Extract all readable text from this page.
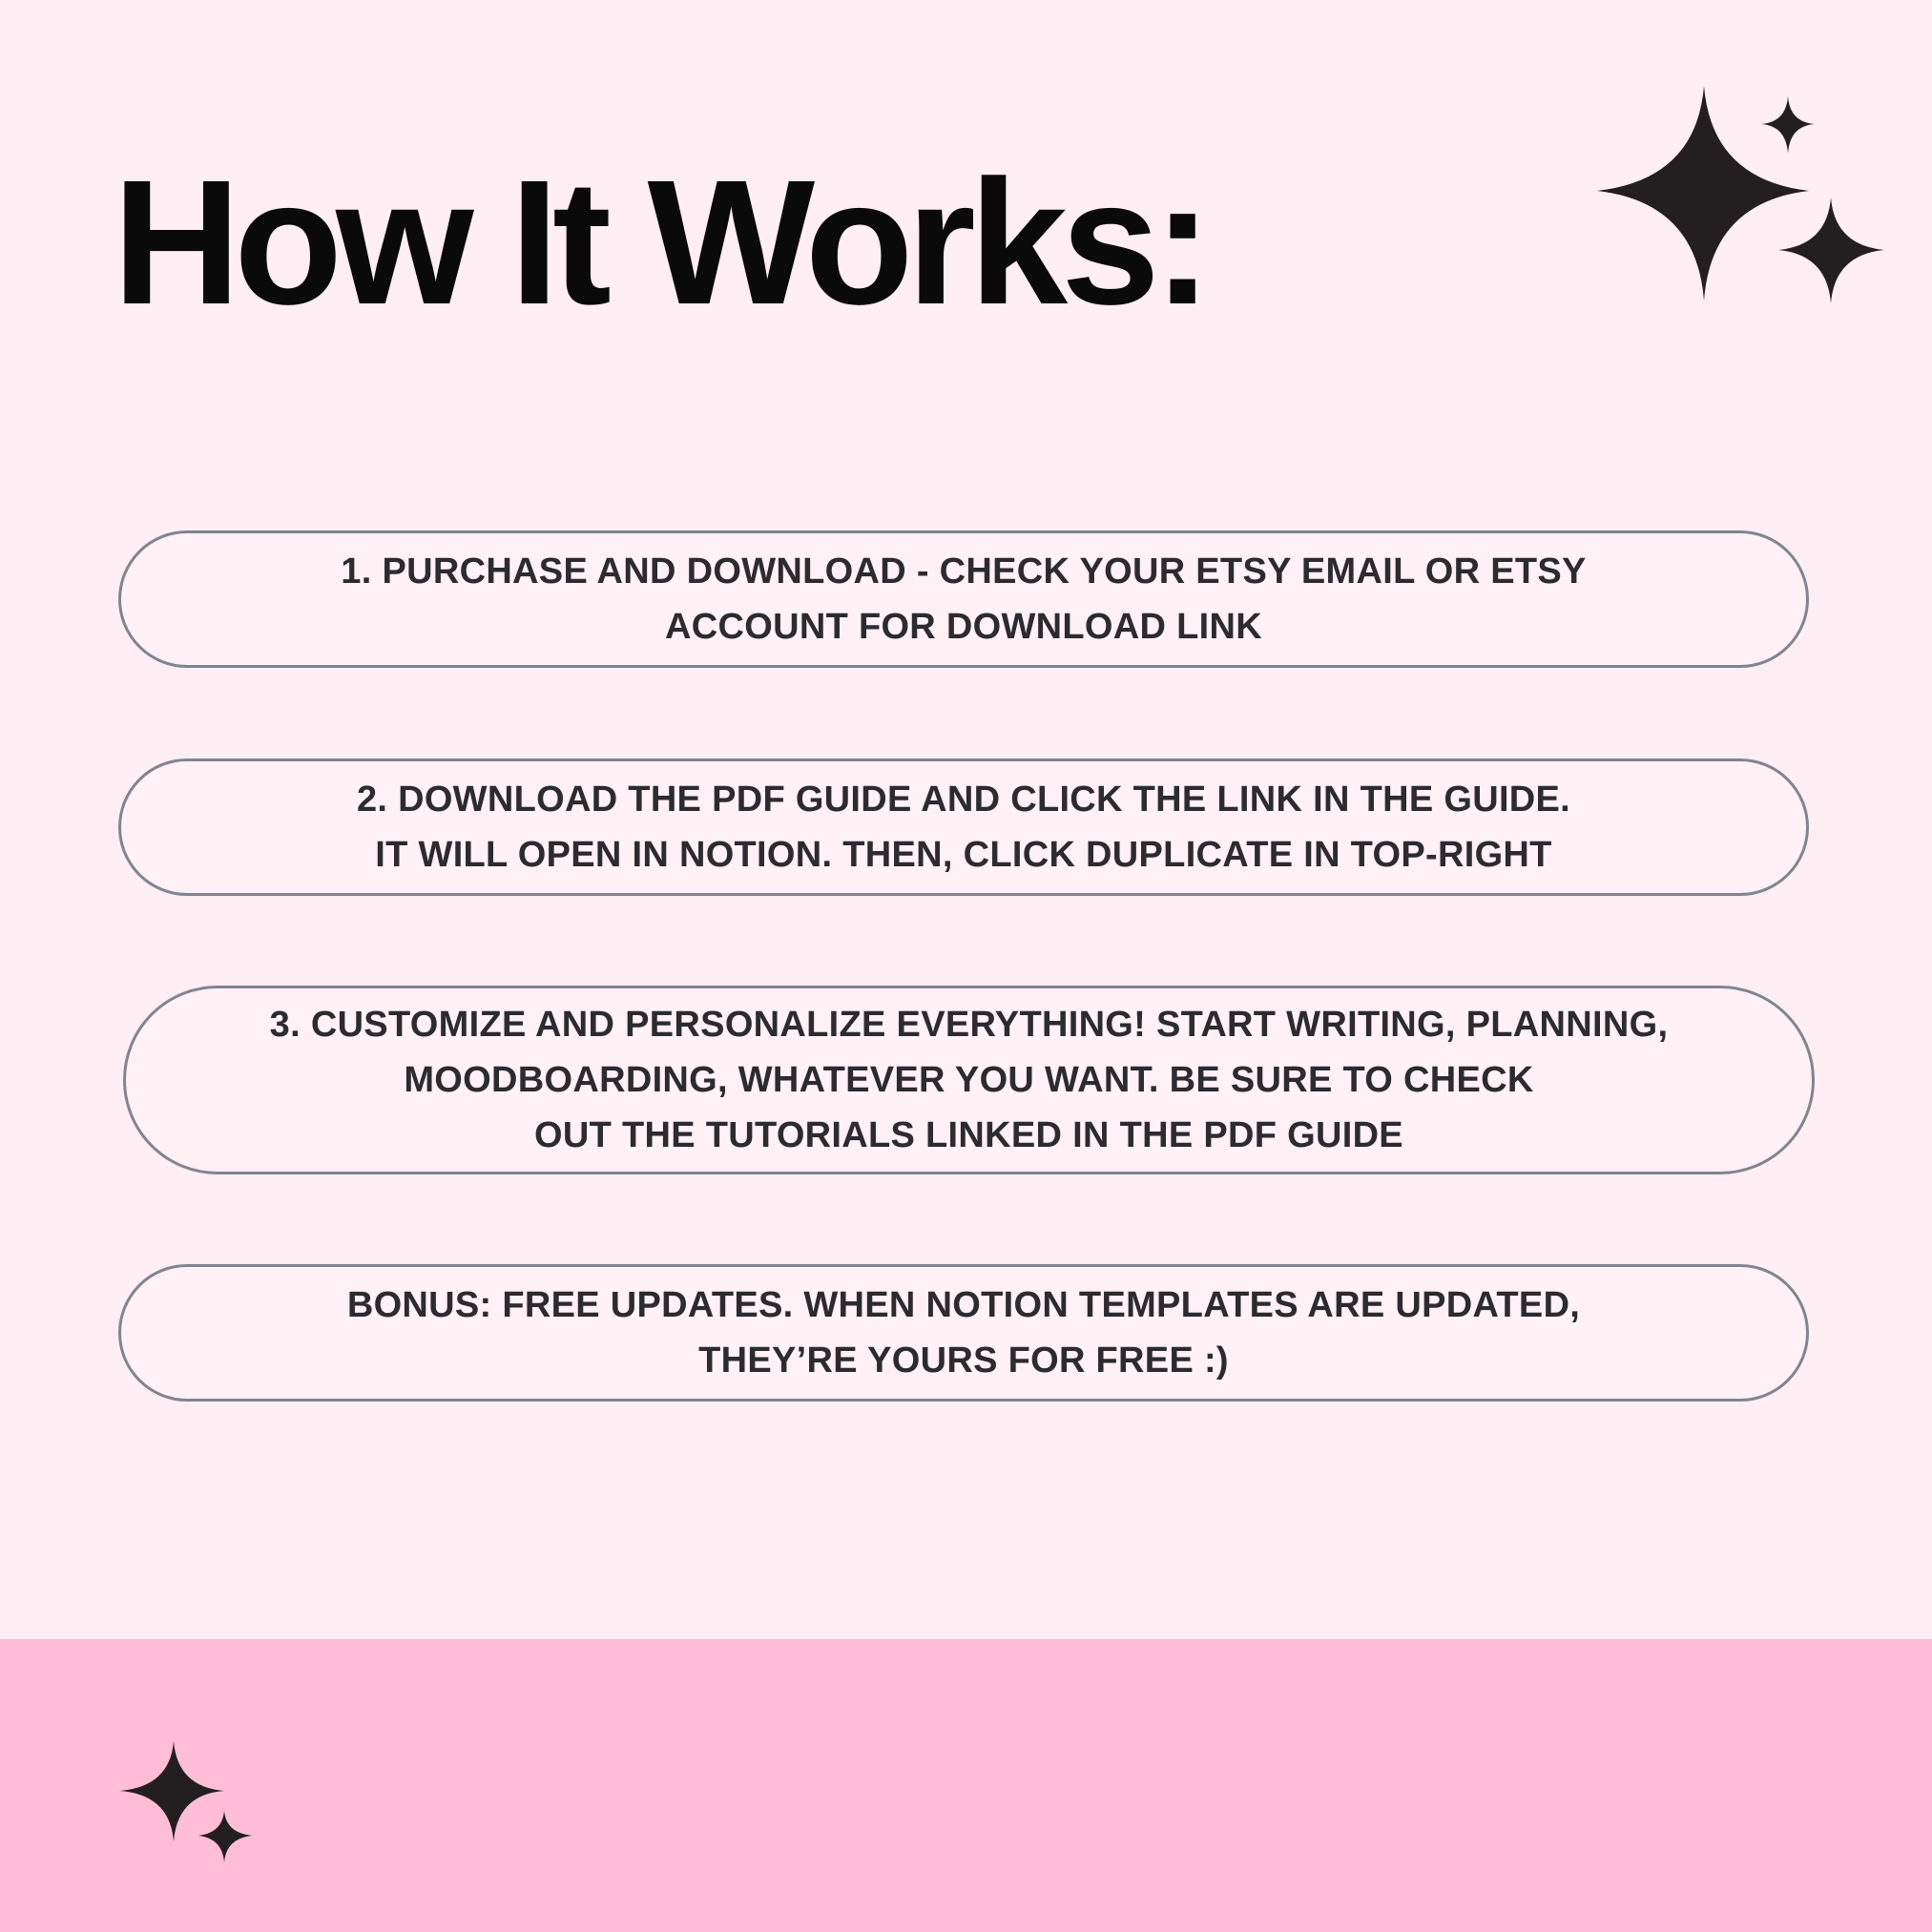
How It Works:

1. PURCHASE AND DOWNLOAD - CHECK YOUR ETSY EMAIL OR ETSY
ACCOUNT FOR DOWNLOAD LINK

2. DOWNLOAD THE PDF GUIDE AND CLICK THE LINK IN THE GUIDE.
IT WILL OPEN IN NOTION. THEN, CLICK DUPLICATE IN TOP-RIGHT

3. CUSTOMIZE AND PERSONALIZE EVERYTHING! START WRITING, PLANNING,
MOODBOARDING, WHATEVER YOU WANT. BE SURE TO CHECK
OUT THE TUTORIALS LINKED IN THE PDF GUIDE

BONUS: FREE UPDATES. WHEN NOTION TEMPLATES ARE UPDATED,
THEY’RE YOURS FOR FREE :)
